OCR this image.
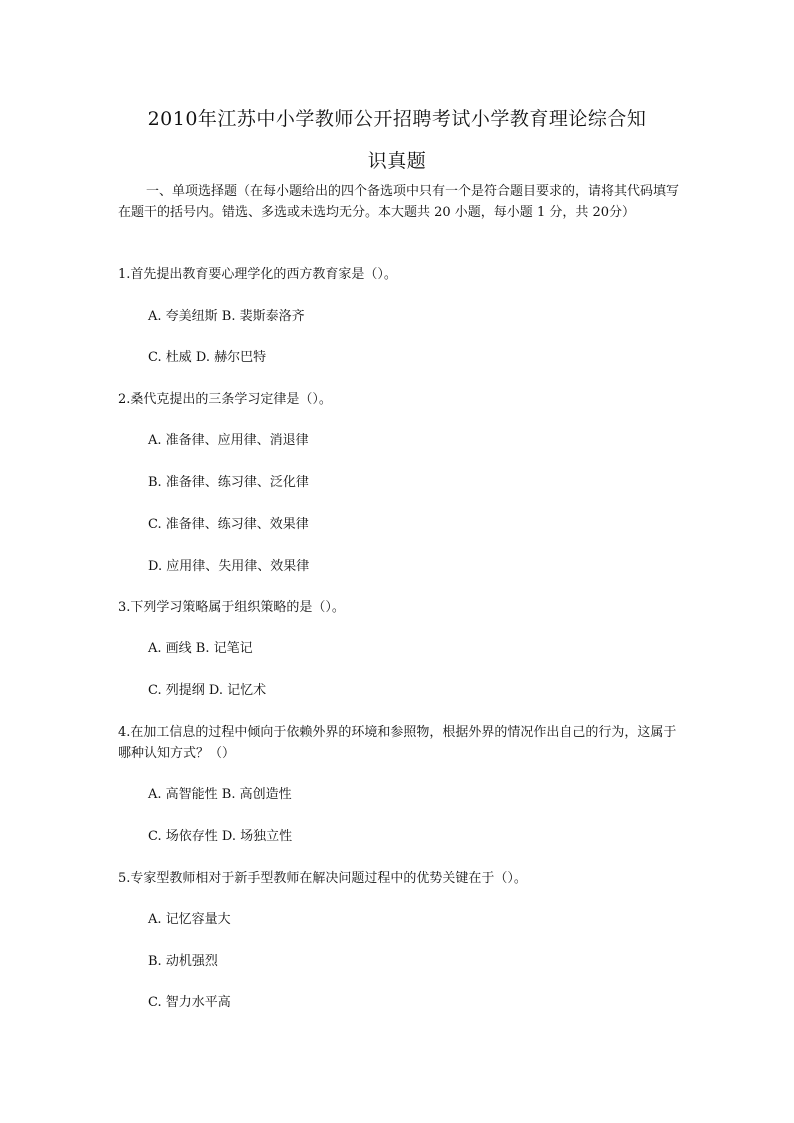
2010年江苏中小学教师公开招聘考试小学教育理论综合知
识真题
一、单项选择题（在每小题给出的四个备选项中只有一个是符合题目要求的，请将其代码填写在题干的括号内。错选、多选或未选均无分。本大题共 20 小题，每小题 1 分，共 20分）
1.首先提出教育要心理学化的西方教育家是（）。
A. 夸美纽斯 B. 裴斯泰洛齐
C. 杜威 D. 赫尔巴特
2.桑代克提出的三条学习定律是（）。
A. 准备律、应用律、消退律
B. 准备律、练习律、泛化律
C. 准备律、练习律、效果律
D. 应用律、失用律、效果律
3.下列学习策略属于组织策略的是（）。
A. 画线 B. 记笔记
C. 列提纲 D. 记忆术
4.在加工信息的过程中倾向于依赖外界的环境和参照物，根据外界的情况作出自己的行为，这属于哪种认知方式？（）
A. 高智能性 B. 高创造性
C. 场依存性 D. 场独立性
5.专家型教师相对于新手型教师在解决问题过程中的优势关键在于（）。
A. 记忆容量大
B. 动机强烈
C. 智力水平高
